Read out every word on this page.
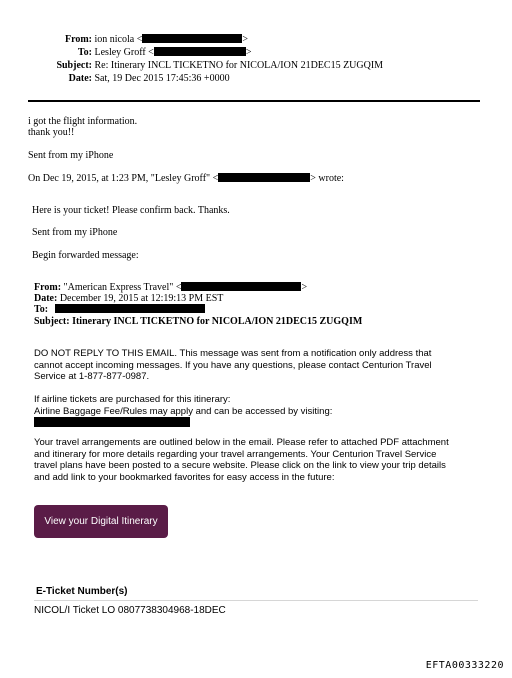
From: ion nicola <	>
To: Lesley Groff <	>
Subject: Re: Itinerary INCL TICKETNO for NICOLA/ION 21DEC15 ZUGQIM
Date: Sat, 19 Dec 2015 17:45:36 +0000
i got the flight information.
thank you!!
Sent from my iPhone
On Dec 19, 2015, at 1:23 PM, "Lesley Groff" <	> wrote:
Here is your ticket! Please confirm back. Thanks.
Sent from my iPhone
Begin forwarded message:
From: "American Express Travel" <	>
Date: December 19, 2015 at 12:19:13 PM EST
To:
Subject: Itinerary INCL TICKETNO for NICOLA/ION 21DEC15 ZUGQIM
DO NOT REPLY TO THIS EMAIL. This message was sent from a notification only address that
cannot accept incoming messages. If you have any questions, please contact Centurion Travel
Service at 1-877-877-0987.
If airline tickets are purchased for this itinerary:
Airline Baggage Fee/Rules may apply and can be accessed by visiting:
Your travel arrangements are outlined below in the email. Please refer to attached PDF attachment
and itinerary for more details regarding your travel arrangements. Your Centurion Travel Service
travel plans have been posted to a secure website. Please click on the link to view your trip details
and add link to your bookmarked favorites for easy access in the future:
View your Digital Itinerary
E-Ticket Number(s)
NICOL/I Ticket LO 0807738304968-18DEC
EFTA00333220
